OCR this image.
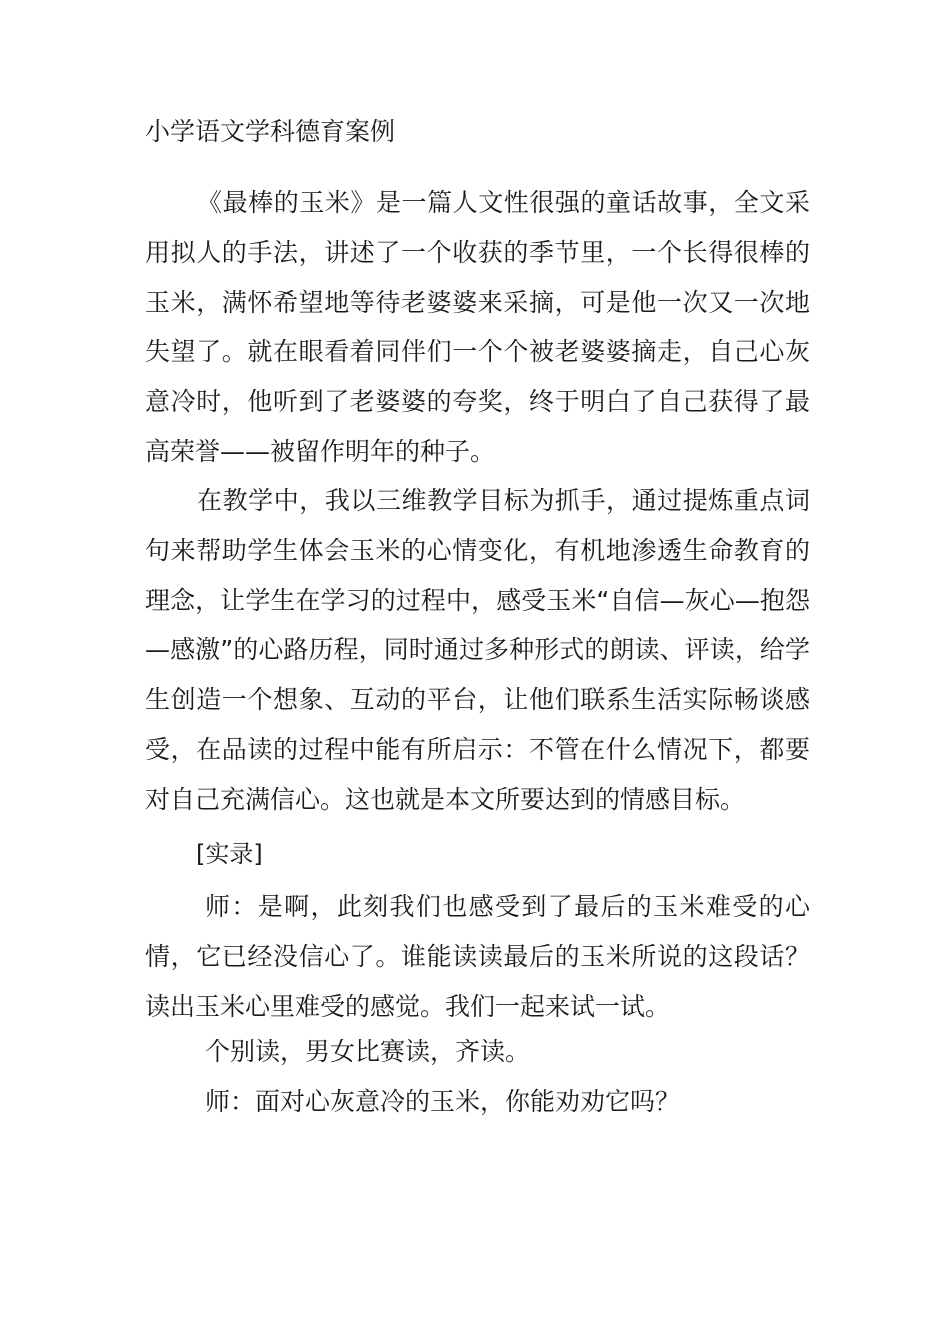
小学语文学科德育案例

《最棒的玉米》是一篇人文性很强的童话故事，全文采用拟人的手法，讲述了一个收获的季节里，一个长得很棒的玉米，满怀希望地等待老婆婆来采摘，可是他一次又一次地失望了。就在眼看着同伴们一个个被老婆婆摘走，自己心灰意冷时，他听到了老婆婆的夸奖，终于明白了自己获得了最高荣誉——被留作明年的种子。

在教学中，我以三维教学目标为抓手，通过提炼重点词句来帮助学生体会玉米的心情变化，有机地渗透生命教育的理念，让学生在学习的过程中，感受玉米“自信—灰心—抱怨—感激”的心路历程，同时通过多种形式的朗读、评读，给学生创造一个想象、互动的平台，让他们联系生活实际畅谈感受，在品读的过程中能有所启示：不管在什么情况下，都要对自己充满信心。这也就是本文所要达到的情感目标。

[实录]

师：是啊，此刻我们也感受到了最后的玉米难受的心情，它已经没信心了。谁能读读最后的玉米所说的这段话？读出玉米心里难受的感觉。我们一起来试一试。

个别读，男女比赛读，齐读。

师：面对心灰意冷的玉米，你能劝劝它吗？
